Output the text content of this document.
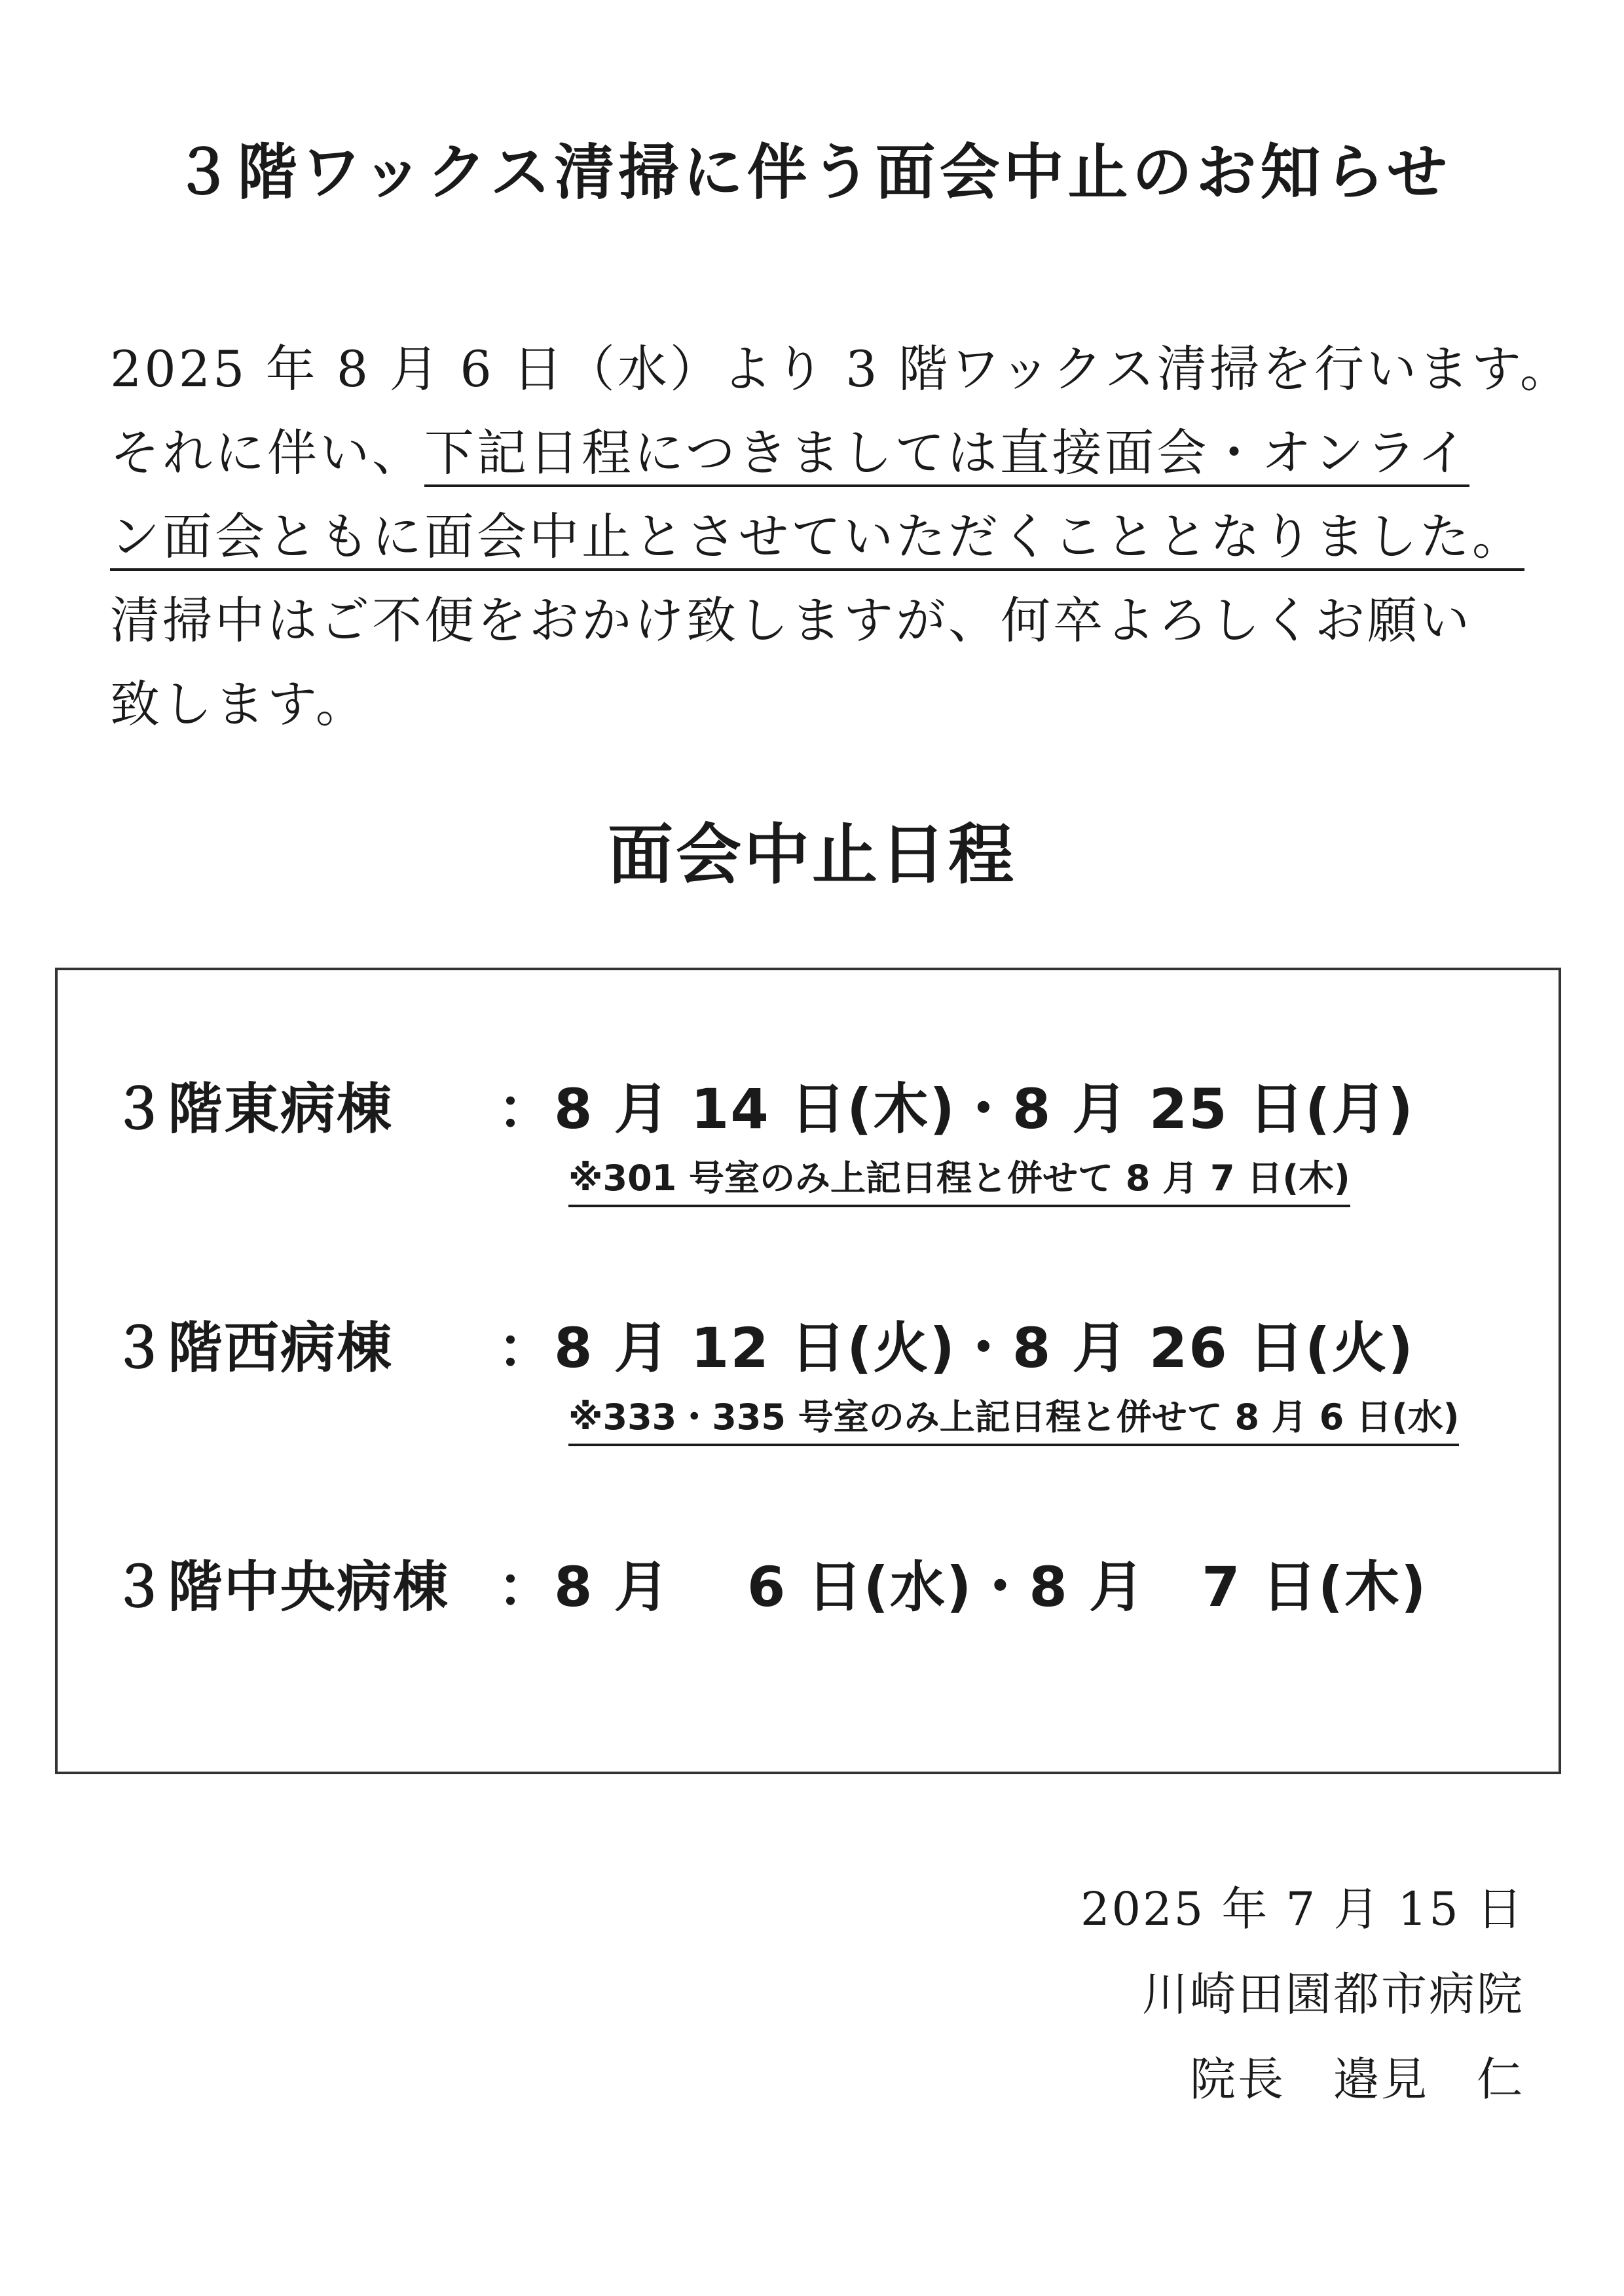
３階ワックス清掃に伴う面会中止のお知らせ
2025 年 8 月 6 日（水）より 3 階ワックス清掃を行います。
それに伴い、下記日程につきましては直接面会・オンライ
ン面会ともに面会中止とさせていただくこととなりました。
清掃中はご不便をおかけ致しますが、何卒よろしくお願い
致します。
面会中止日程
３階東病棟 ：8 月 14 日(木)・8 月 25 日(月)
※301 号室のみ上記日程と併せて 8 月 7 日(木)
３階西病棟 ：8 月 12 日(火)・8 月 26 日(火)
※333・335 号室のみ上記日程と併せて 8 月 6 日(水)
３階中央病棟 ：8 月　 6 日(水)・8 月　7 日(木)
2025 年 7 月 15 日
川崎田園都市病院
院長　邉見　仁
